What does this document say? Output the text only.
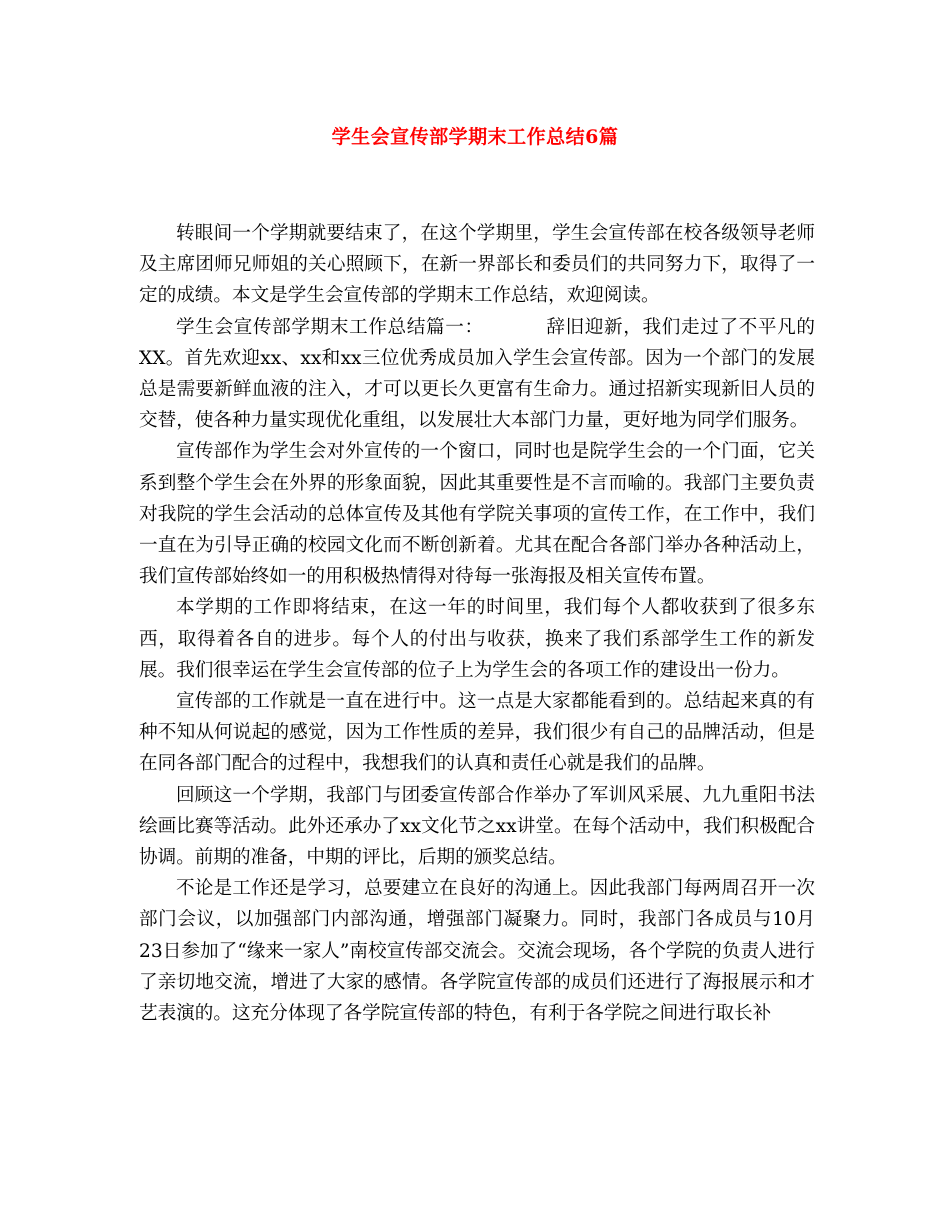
学生会宣传部学期末工作总结6篇

转眼间一个学期就要结束了，在这个学期里，学生会宣传部在校各级领导老师及主席团师兄师姐的关心照顾下，在新一界部长和委员们的共同努力下，取得了一定的成绩。本文是学生会宣传部的学期末工作总结，欢迎阅读。

学生会宣传部学期末工作总结篇一：	辞旧迎新，我们走过了不平凡的XX。首先欢迎xx、xx和xx三位优秀成员加入学生会宣传部。因为一个部门的发展总是需要新鲜血液的注入，才可以更长久更富有生命力。通过招新实现新旧人员的交替，使各种力量实现优化重组，以发展壮大本部门力量，更好地为同学们服务。

宣传部作为学生会对外宣传的一个窗口，同时也是院学生会的一个门面，它关系到整个学生会在外界的形象面貌，因此其重要性是不言而喻的。我部门主要负责对我院的学生会活动的总体宣传及其他有学院关事项的宣传工作，在工作中，我们一直在为引导正确的校园文化而不断创新着。尤其在配合各部门举办各种活动上，我们宣传部始终如一的用积极热情得对待每一张海报及相关宣传布置。

本学期的工作即将结束，在这一年的时间里，我们每个人都收获到了很多东西，取得着各自的进步。每个人的付出与收获，换来了我们系部学生工作的新发展。我们很幸运在学生会宣传部的位子上为学生会的各项工作的建设出一份力。

宣传部的工作就是一直在进行中。这一点是大家都能看到的。总结起来真的有种不知从何说起的感觉，因为工作性质的差异，我们很少有自己的品牌活动，但是在同各部门配合的过程中，我想我们的认真和责任心就是我们的品牌。

回顾这一个学期，我部门与团委宣传部合作举办了军训风采展、九九重阳书法绘画比赛等活动。此外还承办了xx文化节之xx讲堂。在每个活动中，我们积极配合协调。前期的准备，中期的评比，后期的颁奖总结。

不论是工作还是学习，总要建立在良好的沟通上。因此我部门每两周召开一次部门会议，以加强部门内部沟通，增强部门凝聚力。同时，我部门各成员与10月23日参加了“缘来一家人”南校宣传部交流会。交流会现场，各个学院的负责人进行了亲切地交流，增进了大家的感情。各学院宣传部的成员们还进行了海报展示和才艺表演的。这充分体现了各学院宣传部的特色，有利于各学院之间进行取长补
